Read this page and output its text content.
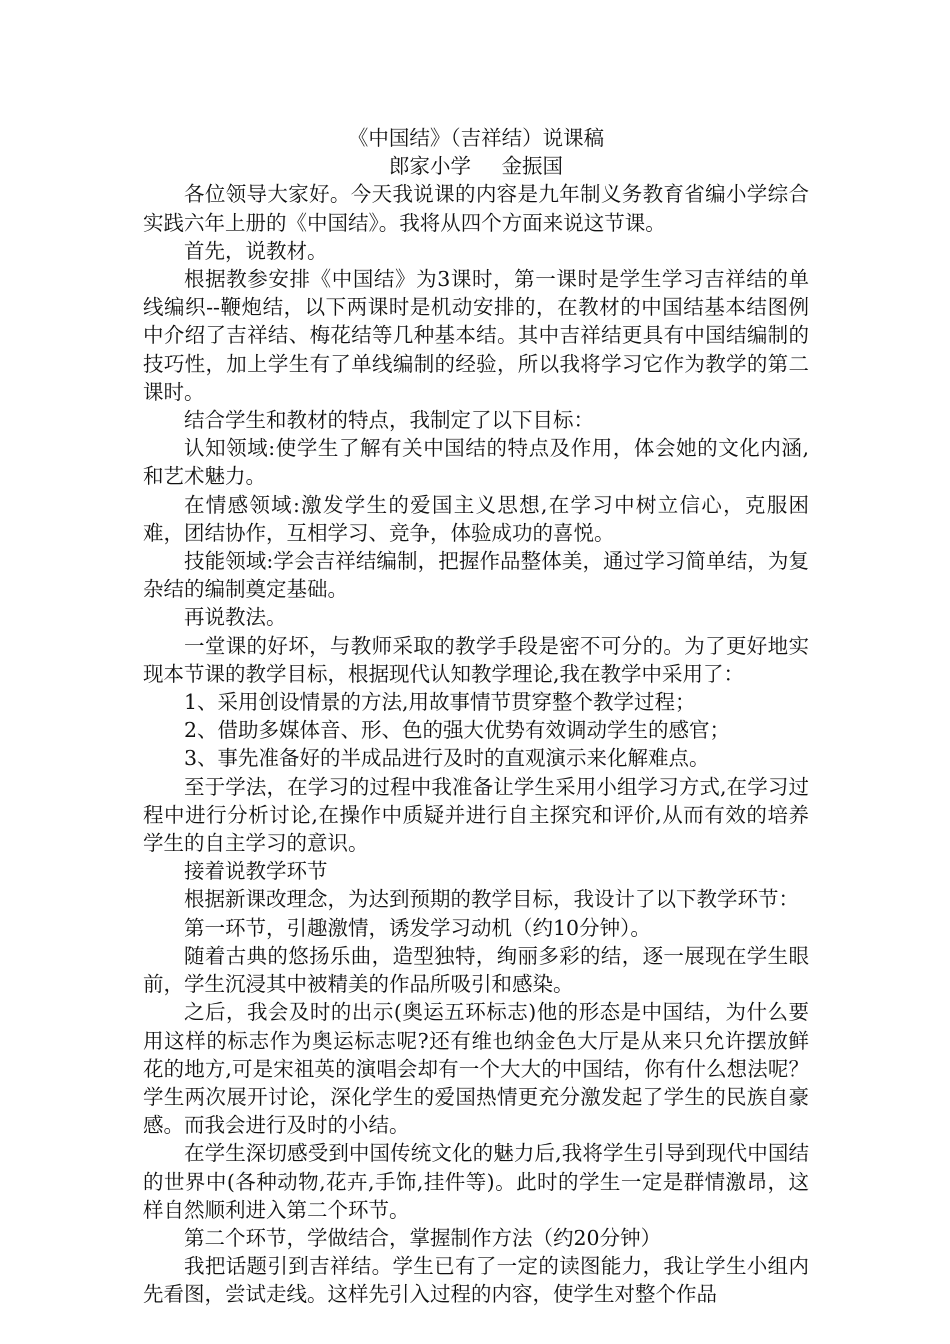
《中国结》（吉祥结）说课稿

郎家小学 金振国

各位领导大家好。今天我说课的内容是九年制义务教育省编小学综合实践六年上册的《中国结》。我将从四个方面来说这节课。

首先，说教材。

根据教参安排《中国结》为3课时，第一课时是学生学习吉祥结的单线编织--鞭炮结，以下两课时是机动安排的，在教材的中国结基本结图例中介绍了吉祥结、梅花结等几种基本结。其中吉祥结更具有中国结编制的技巧性，加上学生有了单线编制的经验，所以我将学习它作为教学的第二课时。

结合学生和教材的特点，我制定了以下目标：

认知领域:使学生了解有关中国结的特点及作用，体会她的文化内涵,和艺术魅力。

在情感领域:激发学生的爱国主义思想,在学习中树立信心，克服困难，团结协作，互相学习、竞争，体验成功的喜悦。

技能领域:学会吉祥结编制，把握作品整体美，通过学习简单结，为复杂结的编制奠定基础。

再说教法。

一堂课的好坏，与教师采取的教学手段是密不可分的。为了更好地实现本节课的教学目标，根据现代认知教学理论,我在教学中采用了：

1、采用创设情景的方法,用故事情节贯穿整个教学过程；

2、借助多媒体音、形、色的强大优势有效调动学生的感官；

3、事先准备好的半成品进行及时的直观演示来化解难点。

至于学法，在学习的过程中我准备让学生采用小组学习方式,在学习过程中进行分析讨论,在操作中质疑并进行自主探究和评价,从而有效的培养学生的自主学习的意识。

接着说教学环节

根据新课改理念，为达到预期的教学目标，我设计了以下教学环节：

第一环节，引趣激情，诱发学习动机（约10分钟）。

随着古典的悠扬乐曲，造型独特，绚丽多彩的结，逐一展现在学生眼前，学生沉浸其中被精美的作品所吸引和感染。

之后，我会及时的出示(奥运五环标志)他的形态是中国结，为什么要用这样的标志作为奥运标志呢?还有维也纳金色大厅是从来只允许摆放鲜花的地方,可是宋祖英的演唱会却有一个大大的中国结，你有什么想法呢？学生两次展开讨论，深化学生的爱国热情更充分激发起了学生的民族自豪感。而我会进行及时的小结。

在学生深切感受到中国传统文化的魅力后,我将学生引导到现代中国结的世界中(各种动物,花卉,手饰,挂件等)。此时的学生一定是群情激昂，这样自然顺利进入第二个环节。

第二个环节，学做结合，掌握制作方法（约20分钟）

我把话题引到吉祥结。学生已有了一定的读图能力，我让学生小组内先看图，尝试走线。这样先引入过程的内容，使学生对整个作品
